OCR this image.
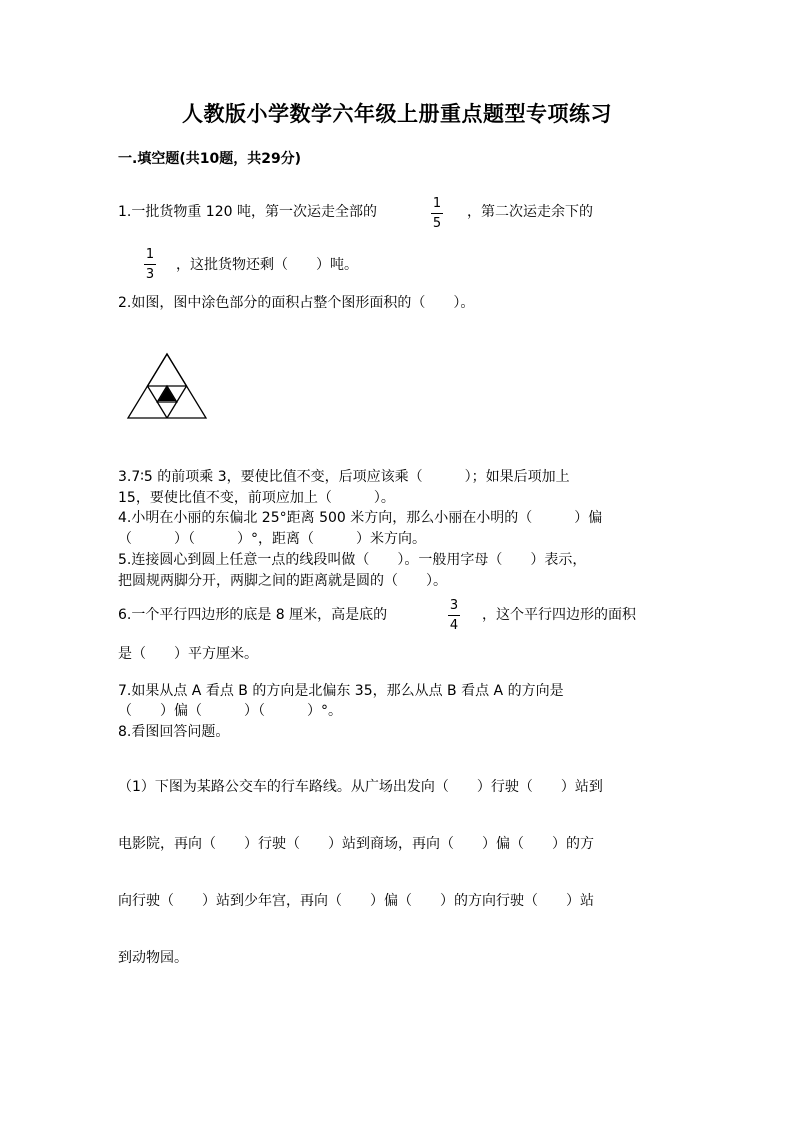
人教版小学数学六年级上册重点题型专项练习
一.填空题(共10题，共29分)
1.一批货物重 120 吨，第一次运走全部的
1
5
，第二次运走余下的
1
3
，这批货物还剩（　　）吨。
2.如图，图中涂色部分的面积占整个图形面积的（　　）。
3.7∶5 的前项乘 3，要使比值不变，后项应该乘（　　　）；如果后项加上
15，要使比值不变，前项应加上（　　　）。
4.小明在小丽的东偏北 25°距离 500 米方向，那么小丽在小明的（　　　）偏
（　　　）（　　　）°，距离（　　　）米方向。
5.连接圆心到圆上任意一点的线段叫做（　　）。一般用字母（　　）表示，
把圆规两脚分开，两脚之间的距离就是圆的（　　）。
6.一个平行四边形的底是 8 厘米，高是底的
3
4
，这个平行四边形的面积
是（　　）平方厘米。
7.如果从点 A 看点 B 的方向是北偏东 35，那么从点 B 看点 A 的方向是
（　　）偏（　　　）（　　　）°。
8.看图回答问题。
（1）下图为某路公交车的行车路线。从广场出发向（　　）行驶（　　）站到
电影院，再向（　　）行驶（　　）站到商场，再向（　　）偏（　　）的方
向行驶（　　）站到少年宫，再向（　　）偏（　　）的方向行驶（　　）站
到动物园。
